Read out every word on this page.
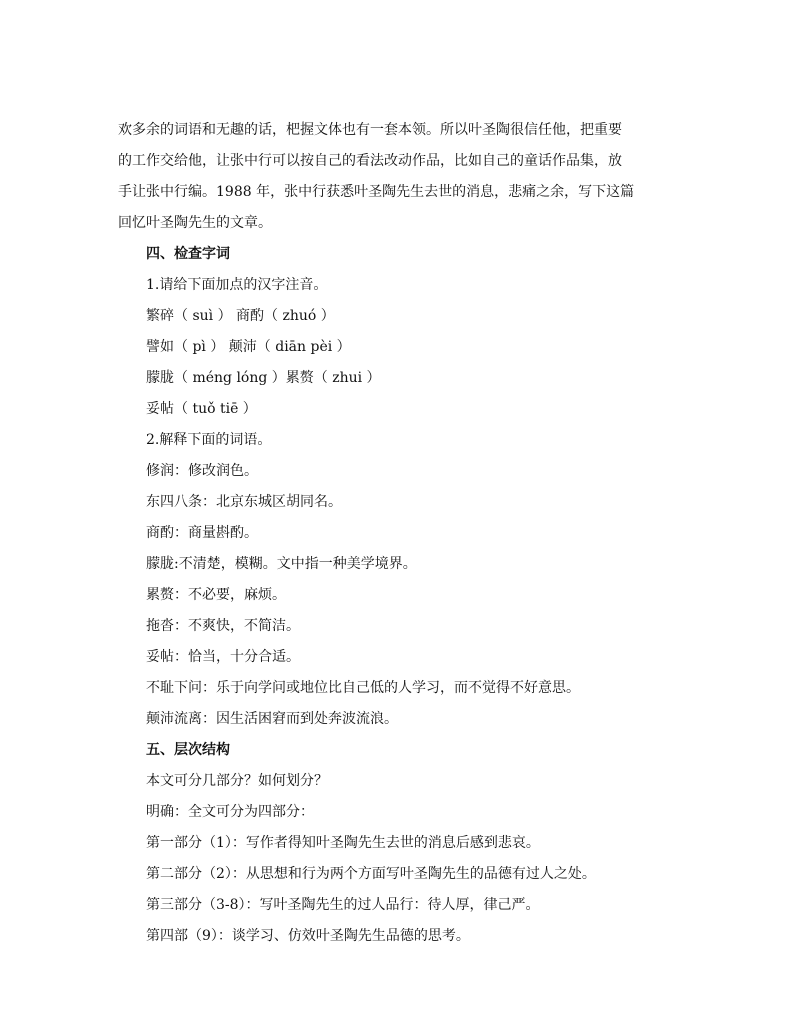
欢多余的词语和无趣的话，杷握文体也有一套本领。所以叶圣陶很信任他，把重要
的工作交给他，让张中行可以按自己的看法改动作品，比如自己的童话作品集，放
手让张中行编。1988 年，张中行获悉叶圣陶先生去世的消息，悲痛之余，写下这篇
回忆叶圣陶先生的文章。
四、检查字词
1.请给下面加点的汉字注音。
繁碎（ suì ） 商酌（ zhuó ）
譬如（ pì ） 颠沛（ diān pèi ）
朦胧（ méng lóng ）累赘（ zhui ）
妥帖（ tuǒ tiē ）
2.解释下面的词语。
修润：修改润色。
东四八条：北京东城区胡同名。
商酌：商量斟酌。
朦胧:不清楚，模糊。文中指一种美学境界。
累赘：不必要，麻烦。
拖沓：不爽快，不简洁。
妥帖：恰当，十分合适。
不耻下问：乐于向学问或地位比自己低的人学习，而不觉得不好意思。
颠沛流离：因生活困窘而到处奔波流浪。
五、层次结构
本文可分几部分？如何划分？
明确：全文可分为四部分：
第一部分（1）：写作者得知叶圣陶先生去世的消息后感到悲哀。
第二部分（2）：从思想和行为两个方面写叶圣陶先生的品德有过人之处。
第三部分（3-8）：写叶圣陶先生的过人品行：待人厚，律己严。
第四部（9）：谈学习、仿效叶圣陶先生品德的思考。
